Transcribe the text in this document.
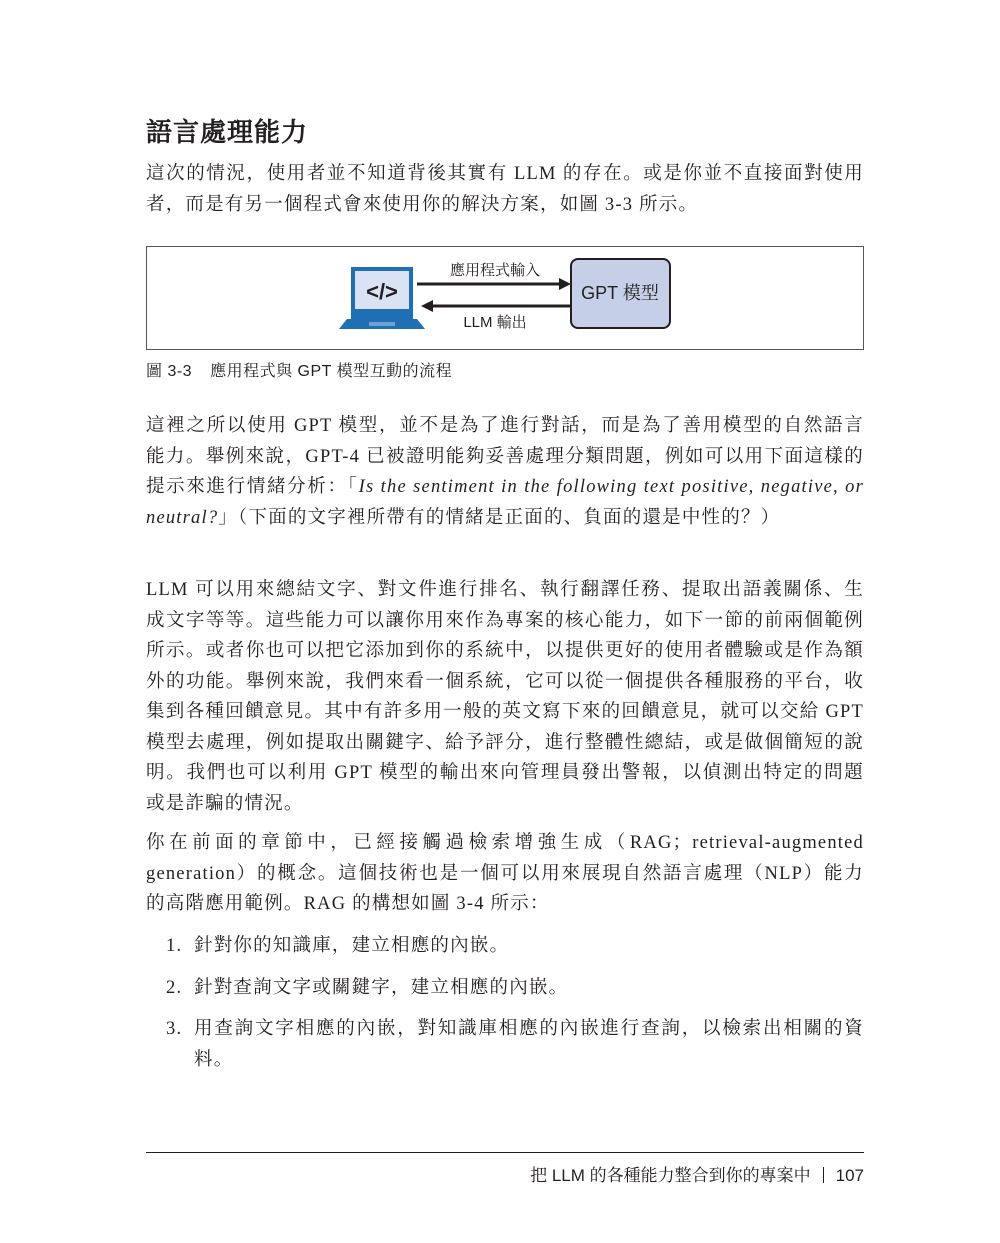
語言處理能力

這次的情況，使用者並不知道背後其實有 LLM 的存在。或是你並不直接面對使用者，而是有另一個程式會來使用你的解決方案，如圖 3-3 所示。

</>
應用程式輸入
LLM 輸出
GPT 模型

圖 3-3 應用程式與 GPT 模型互動的流程

這裡之所以使用 GPT 模型，並不是為了進行對話，而是為了善用模型的自然語言能力。舉例來說，GPT-4 已被證明能夠妥善處理分類問題，例如可以用下面這樣的提示來進行情緒分析：「Is the sentiment in the following text positive, negative, or neutral?」（下面的文字裡所帶有的情緒是正面的、負面的還是中性的？）

LLM 可以用來總結文字、對文件進行排名、執行翻譯任務、提取出語義關係、生成文字等等。這些能力可以讓你用來作為專案的核心能力，如下一節的前兩個範例所示。或者你也可以把它添加到你的系統中，以提供更好的使用者體驗或是作為額外的功能。舉例來說，我們來看一個系統，它可以從一個提供各種服務的平台，收集到各種回饋意見。其中有許多用一般的英文寫下來的回饋意見，就可以交給 GPT 模型去處理，例如提取出關鍵字、給予評分，進行整體性總結，或是做個簡短的說明。我們也可以利用 GPT 模型的輸出來向管理員發出警報，以偵測出特定的問題或是詐騙的情況。

你在前面的章節中，已經接觸過檢索增強生成（RAG；retrieval-augmented generation）的概念。這個技術也是一個可以用來展現自然語言處理（NLP）能力的高階應用範例。RAG 的構想如圖 3-4 所示：

1. 針對你的知識庫，建立相應的內嵌。
2. 針對查詢文字或關鍵字，建立相應的內嵌。
3. 用查詢文字相應的內嵌，對知識庫相應的內嵌進行查詢，以檢索出相關的資料。
把 LLM 的各種能力整合到你的專案中 107
